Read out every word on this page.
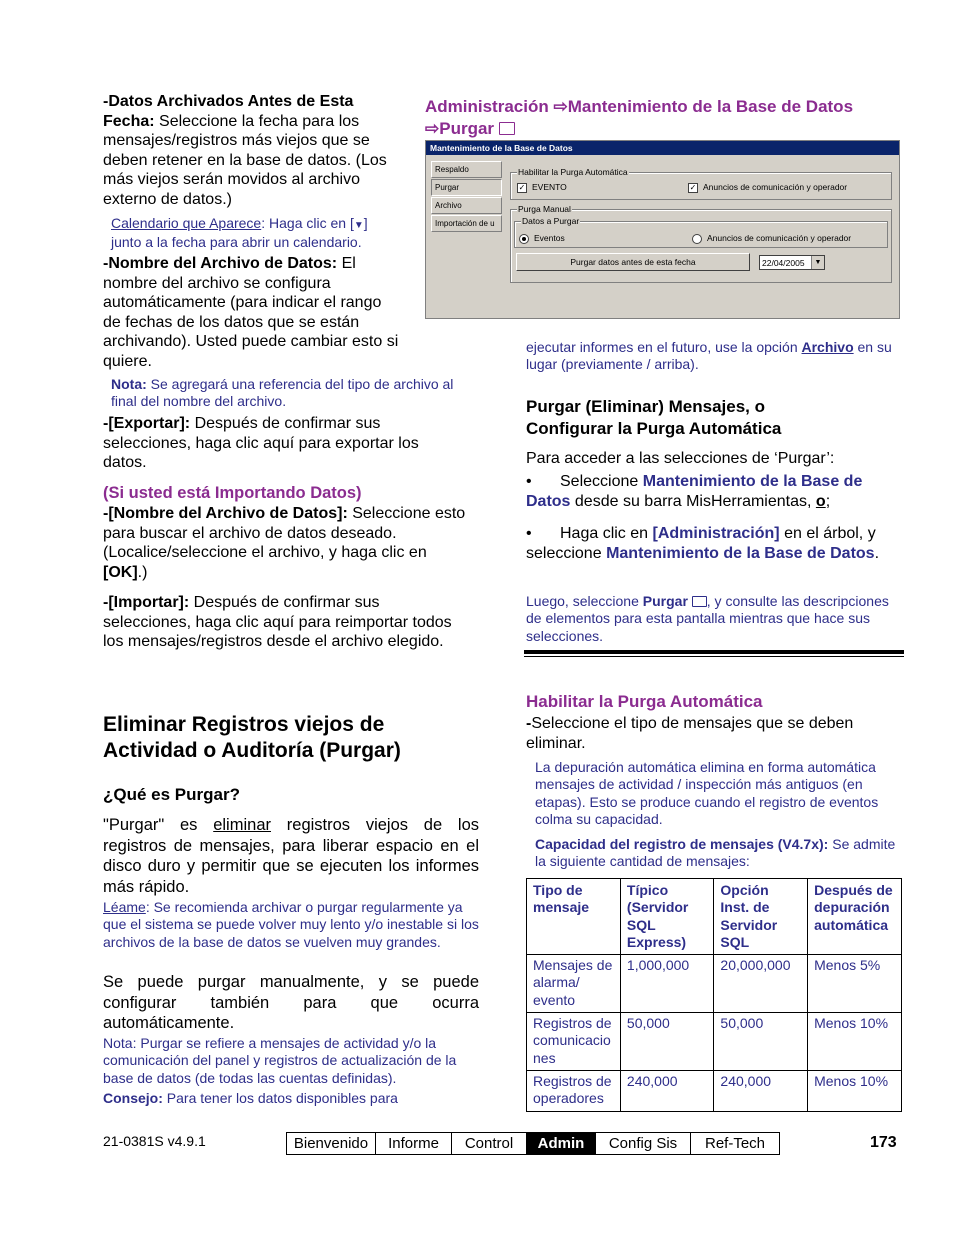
-Datos Archivados Antes de Esta Fecha: Seleccione la fecha para los mensajes/registros más viejos que se deben retener en la base de datos. (Los más viejos serán movidos al archivo externo de datos.)
Calendario que Aparece: Haga clic en [▼] junto a la fecha para abrir un calendario.
-Nombre del Archivo de Datos: El nombre del archivo se configura automáticamente (para indicar el rango de fechas de los datos que se están archivando). Usted puede cambiar esto si quiere.
Nota: Se agregará una referencia del tipo de archivo al final del nombre del archivo.
-[Exportar]: Después de confirmar sus selecciones, haga clic aquí para exportar los datos.
(Si usted está Importando Datos)
-[Nombre del Archivo de Datos]: Seleccione esto para buscar el archivo de datos deseado. (Localice/seleccione el archivo, y haga clic en [OK].)
-[Importar]: Después de confirmar sus selecciones, haga clic aquí para reimportar todos los mensajes/registros desde el archivo elegido.
Eliminar Registros viejos de Actividad o Auditoría (Purgar)
¿Qué es Purgar?
"Purgar" es eliminar registros viejos de los registros de mensajes, para liberar espacio en el disco duro y permitir que se ejecuten los informes más rápido.
Léame: Se recomienda archivar o purgar regularmente ya que el sistema se puede volver muy lento y/o inestable si los archivos de la base de datos se vuelven muy grandes.
Se puede purgar manualmente, y se puede configurar también para que ocurra automáticamente.
Nota: Purgar se refiere a mensajes de actividad y/o la comunicación del panel y registros de actualización de la base de datos (de todas las cuentas definidas).
Consejo: Para tener los datos disponibles para
Administración ⇨Mantenimiento de la Base de Datos ⇨Purgar
Mantenimiento de la Base de Datos
Respaldo
Purgar
Archivo
Importación de u
Habilitar la Purga Automática
✓ EVENTO	✓ Anuncios de comunicación y operador
Purga Manual
Datos a Purgar
Eventos	Anuncios de comunicación y operador
Purgar datos antes de esta fecha	22/04/2005	▼
ejecutar informes en el futuro, use la opción Archivo en su lugar (previamente / arriba).
Purgar (Eliminar) Mensajes, o Configurar la Purga Automática

Para acceder a las selecciones de ‘Purgar’:

• Seleccione Mantenimiento de la Base de Datos desde su barra MisHerramientas, o;
• Haga clic en [Administración] en el árbol, y seleccione Mantenimiento de la Base de Datos.
Luego, seleccione Purgar , y consulte las descripciones de elementos para esta pantalla mientras que hace sus selecciones.
Habilitar la Purga Automática
-Seleccione el tipo de mensajes que se deben eliminar.
La depuración automática elimina en forma automática mensajes de actividad / inspección más antiguos (en etapas). Esto se produce cuando el registro de eventos colma su capacidad.
Capacidad del registro de mensajes (V4.7x): Se admite la siguiente cantidad de mensajes:
Tipo de mensaje	Típico (Servidor SQL Express)	Opción Inst. de Servidor SQL	Después de depuración automática
Mensajes de alarma/ evento	1,000,000	20,000,000	Menos 5%
Registros de comunicacio nes	50,000	50,000	Menos 10%
Registros de operadores	240,000	240,000	Menos 10%
21-0381S v4.9.1	Bienvenido	Informe	Control	Admin	Config Sis	Ref-Tech	173
